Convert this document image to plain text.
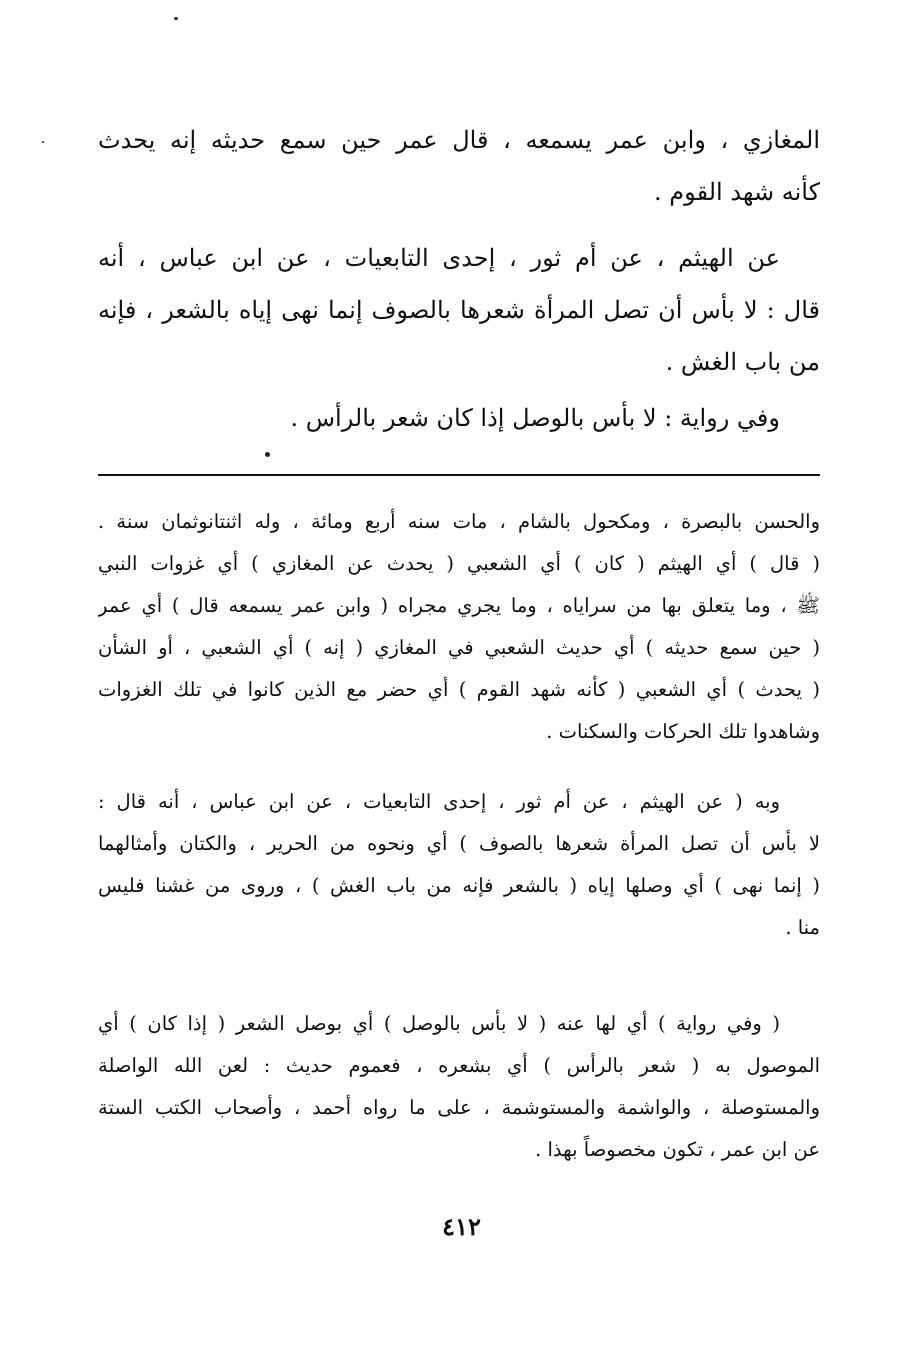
المغازي ، وابن عمر يسمعه ، قال عمر حين سمع حديثه إنه يحدث
كأنه شهد القوم .
عن الهيثم ، عن أم ثور ، إحدى التابعيات ، عن ابن عباس ، أنه
قال : لا بأس أن تصل المرأة شعرها بالصوف إنما نهى إياه بالشعر ، فإنه
من باب الغش .
وفي رواية : لا بأس بالوصل إذا كان شعر بالرأس .
والحسن بالبصرة ، ومكحول بالشام ، مات سنه أربع ومائة ، وله اثنتانوثمان سنة .
( قال ) أي الهيثم ( كان ) أي الشعبي ( يحدث عن المغازي ) أي غزوات النبي
ﷺ ، وما يتعلق بها من سراياه ، وما يجري مجراه ( وابن عمر يسمعه قال ) أي عمر
( حين سمع حديثه ) أي حديث الشعبي في المغازي ( إنه ) أي الشعبي ، أو الشأن
( يحدث ) أي الشعبي ( كأنه شهد القوم ) أي حضر مع الذين كانوا في تلك الغزوات
وشاهدوا تلك الحركات والسكنات .
وبه ( عن الهيثم ، عن أم ثور ، إحدى التابعيات ، عن ابن عباس ، أنه قال :
لا بأس أن تصل المرأة شعرها بالصوف ) أي ونحوه من الحرير ، والكتان وأمثالهما
( إنما نهى ) أي وصلها إياه ( بالشعر فإنه من باب الغش ) ، وروى من غشنا فليس
منا .
( وفي رواية ) أي لها عنه ( لا بأس بالوصل ) أي بوصل الشعر ( إذا كان ) أي
الموصول به ( شعر بالرأس ) أي بشعره ، فعموم حديث : لعن الله الواصلة
والمستوصلة ، والواشمة والمستوشمة ، على ما رواه أحمد ، وأصحاب الكتب الستة
عن ابن عمر ، تكون مخصوصاً بهذا .
٤١٢
